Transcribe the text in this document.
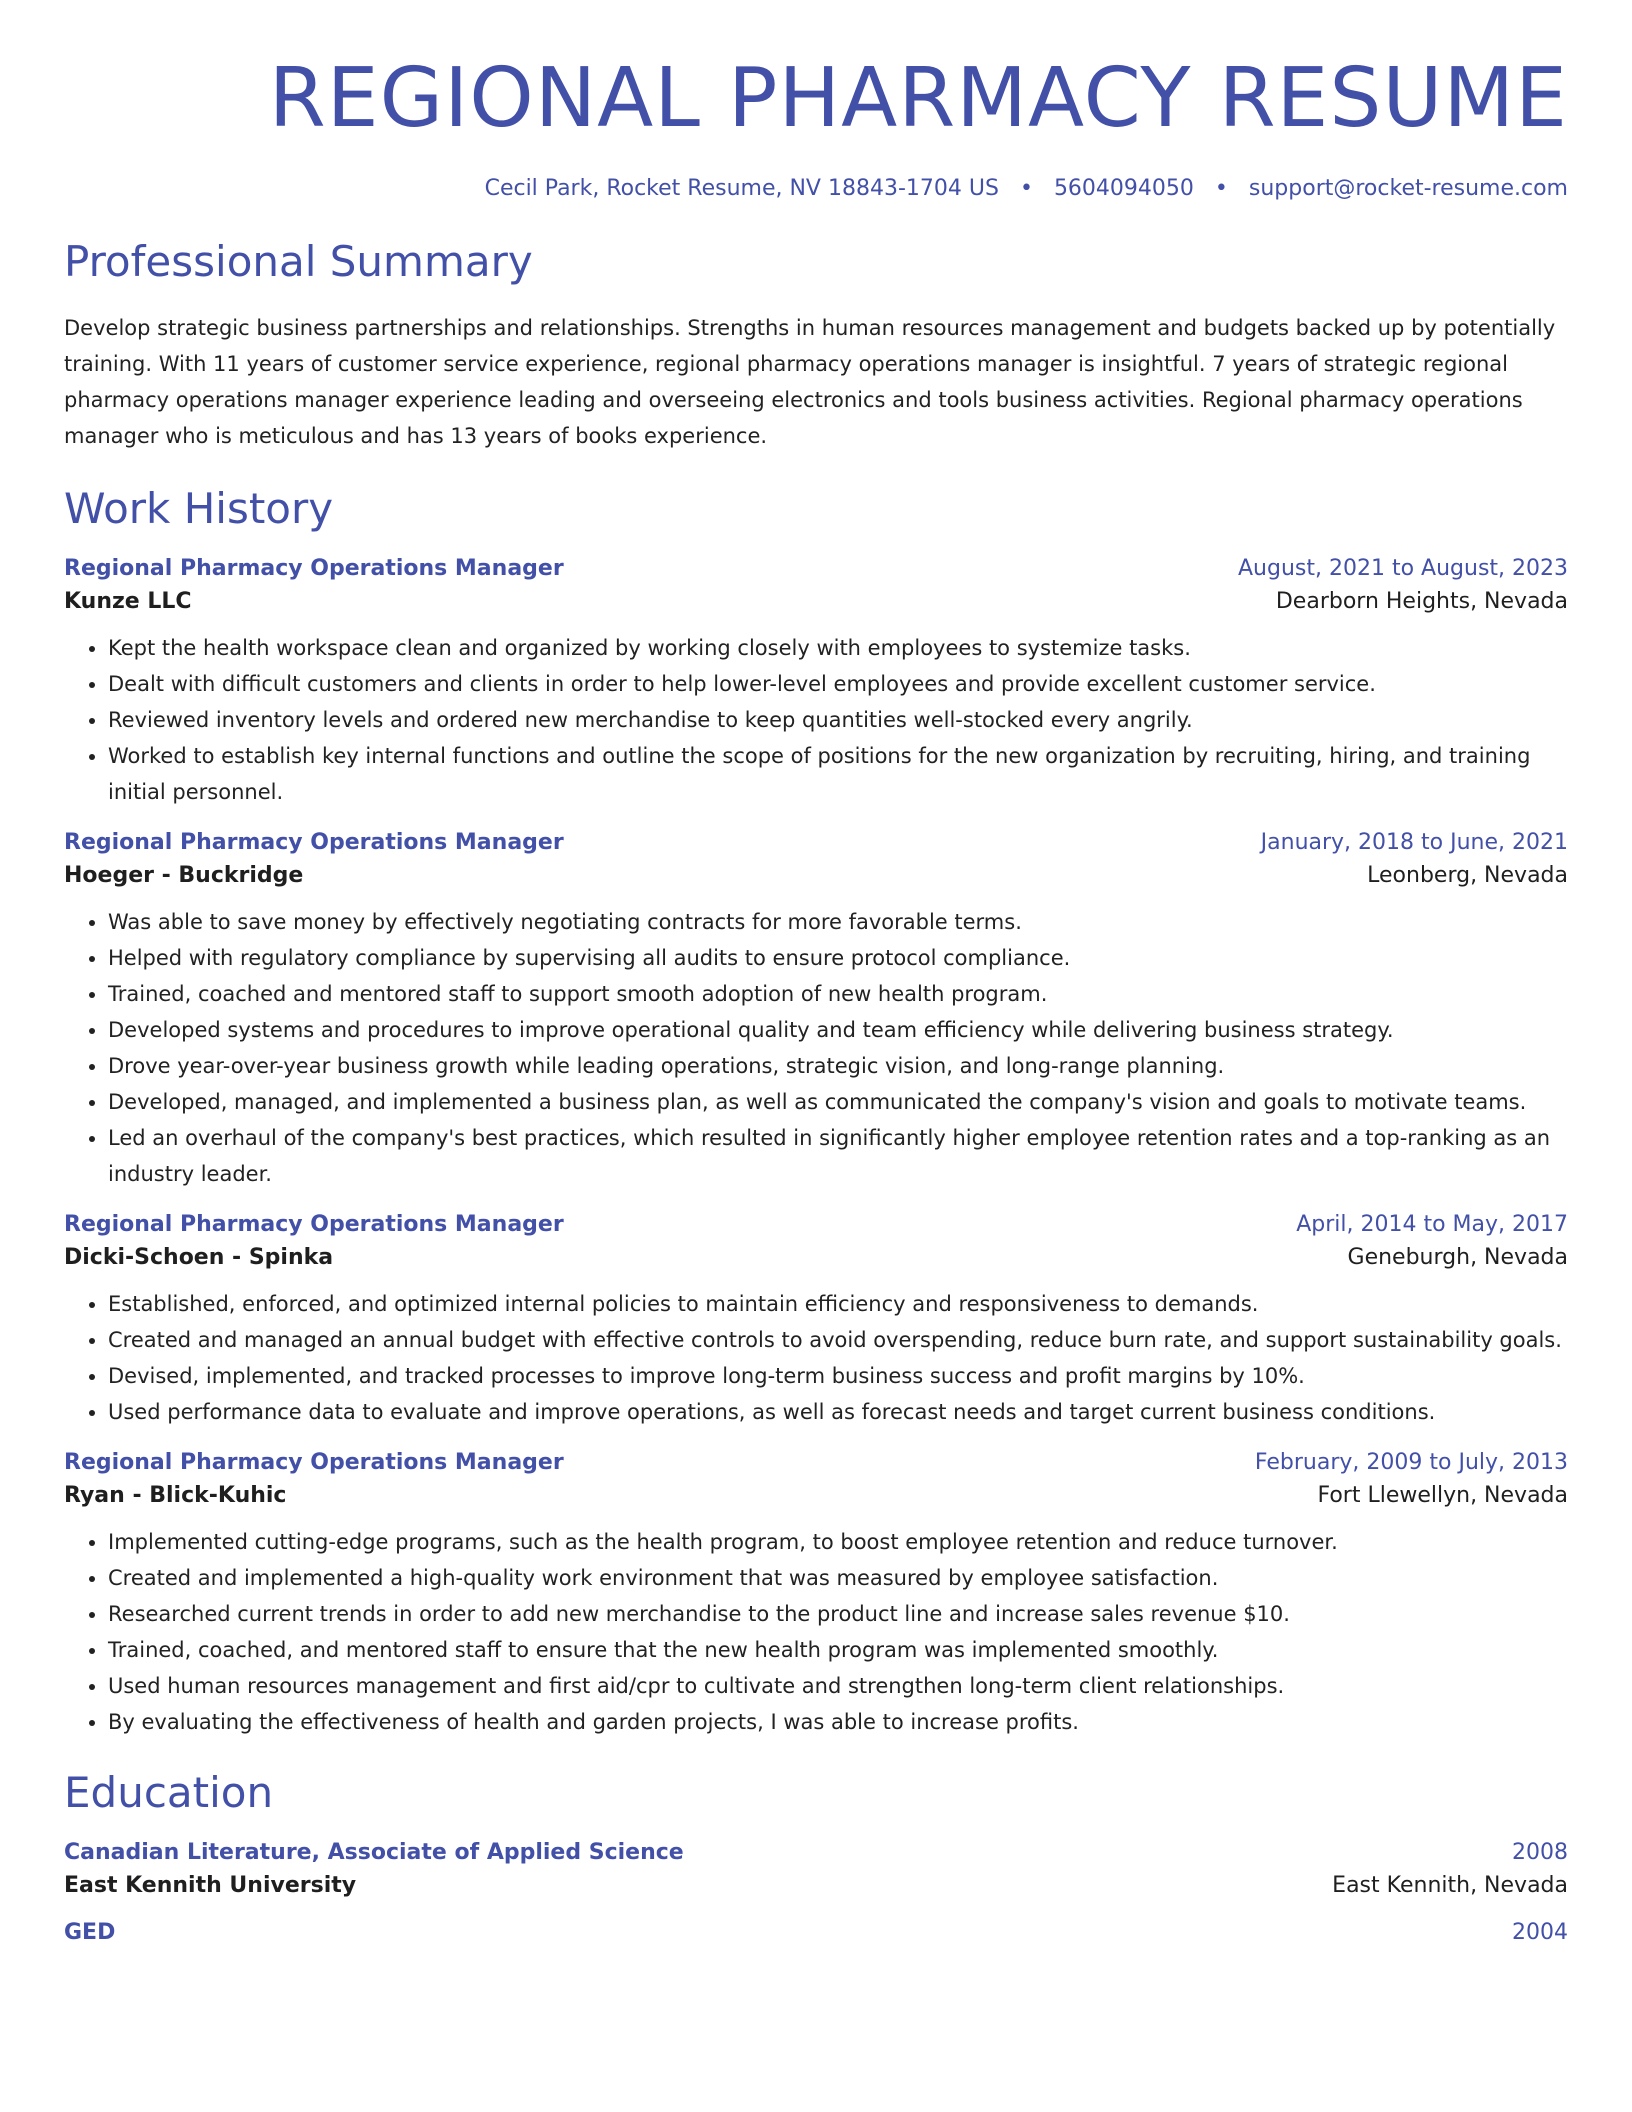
REGIONAL PHARMACY RESUME
Cecil Park, Rocket Resume, NV 18843-1704 US • 5604094050 • support@rocket-resume.com
Professional Summary
Develop strategic business partnerships and relationships. Strengths in human resources management and budgets backed up by potentially training. With 11 years of customer service experience, regional pharmacy operations manager is insightful. 7 years of strategic regional pharmacy operations manager experience leading and overseeing electronics and tools business activities. Regional pharmacy operations manager who is meticulous and has 13 years of books experience.
Work History
Regional Pharmacy Operations Manager	August, 2021 to August, 2023
Kunze LLC	Dearborn Heights, Nevada
• Kept the health workspace clean and organized by working closely with employees to systemize tasks.
• Dealt with difficult customers and clients in order to help lower-level employees and provide excellent customer service.
• Reviewed inventory levels and ordered new merchandise to keep quantities well-stocked every angrily.
• Worked to establish key internal functions and outline the scope of positions for the new organization by recruiting, hiring, and training initial personnel.
Regional Pharmacy Operations Manager	January, 2018 to June, 2021
Hoeger - Buckridge	Leonberg, Nevada
• Was able to save money by effectively negotiating contracts for more favorable terms.
• Helped with regulatory compliance by supervising all audits to ensure protocol compliance.
• Trained, coached and mentored staff to support smooth adoption of new health program.
• Developed systems and procedures to improve operational quality and team efficiency while delivering business strategy.
• Drove year-over-year business growth while leading operations, strategic vision, and long-range planning.
• Developed, managed, and implemented a business plan, as well as communicated the company's vision and goals to motivate teams.
• Led an overhaul of the company's best practices, which resulted in significantly higher employee retention rates and a top-ranking as an industry leader.
Regional Pharmacy Operations Manager	April, 2014 to May, 2017
Dicki-Schoen - Spinka	Geneburgh, Nevada
• Established, enforced, and optimized internal policies to maintain efficiency and responsiveness to demands.
• Created and managed an annual budget with effective controls to avoid overspending, reduce burn rate, and support sustainability goals.
• Devised, implemented, and tracked processes to improve long-term business success and profit margins by 10%.
• Used performance data to evaluate and improve operations, as well as forecast needs and target current business conditions.
Regional Pharmacy Operations Manager	February, 2009 to July, 2013
Ryan - Blick-Kuhic	Fort Llewellyn, Nevada
• Implemented cutting-edge programs, such as the health program, to boost employee retention and reduce turnover.
• Created and implemented a high-quality work environment that was measured by employee satisfaction.
• Researched current trends in order to add new merchandise to the product line and increase sales revenue $10.
• Trained, coached, and mentored staff to ensure that the new health program was implemented smoothly.
• Used human resources management and first aid/cpr to cultivate and strengthen long-term client relationships.
• By evaluating the effectiveness of health and garden projects, I was able to increase profits.
Education
Canadian Literature, Associate of Applied Science	2008
East Kennith University	East Kennith, Nevada
GED	2004
